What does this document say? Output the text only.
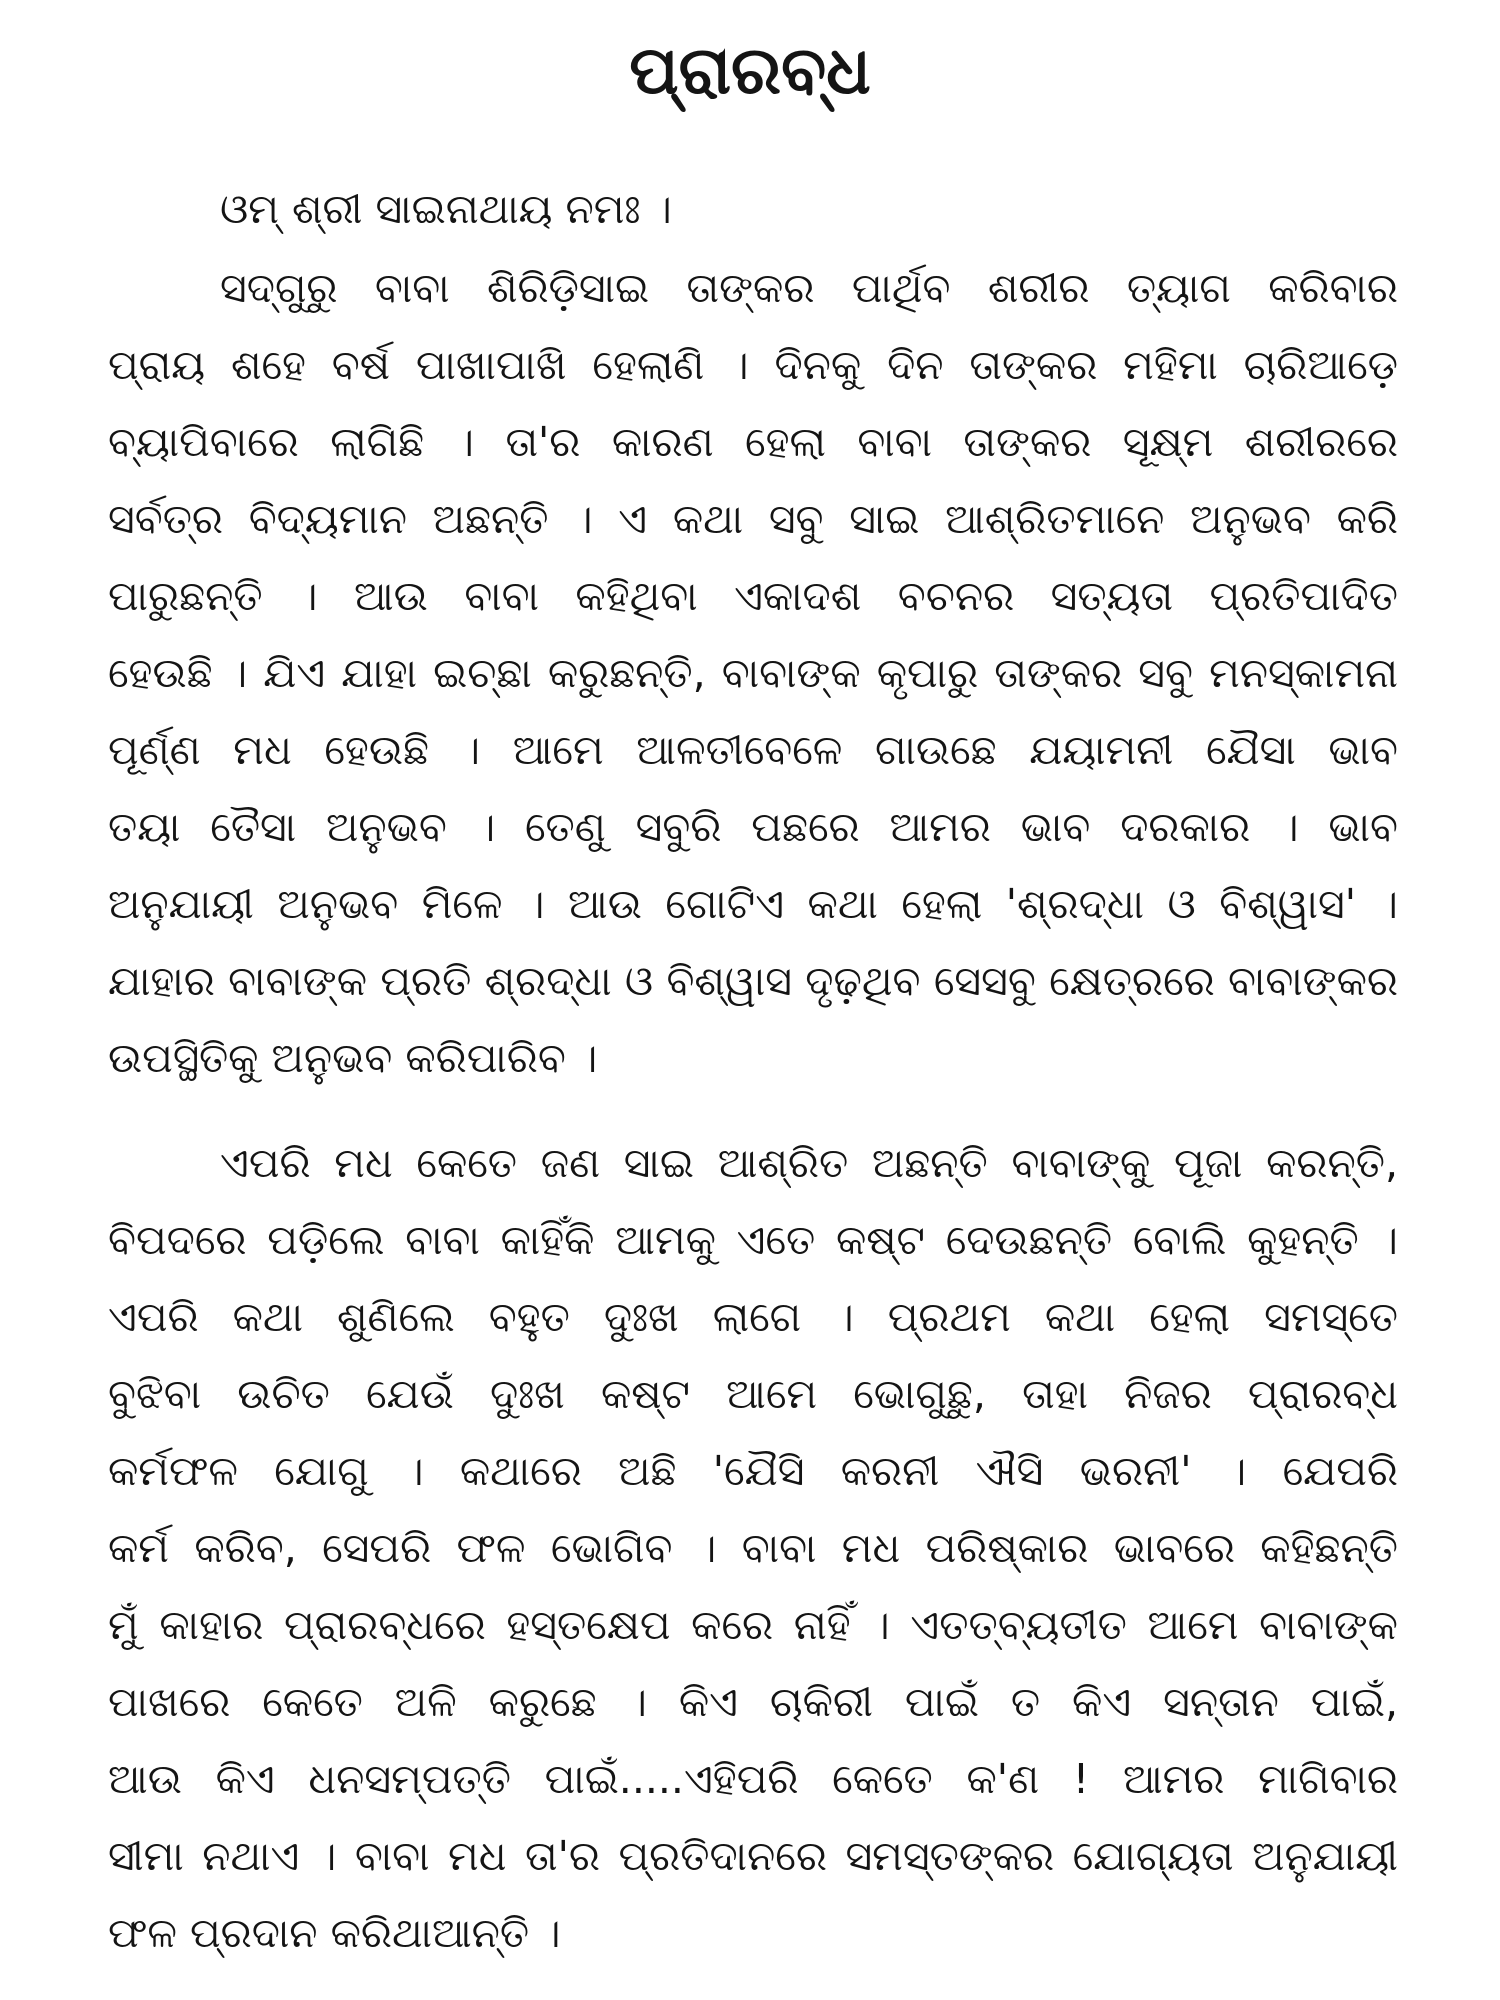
ପ୍ରାରବ୍ଧ
ଓମ୍ ଶ୍ରୀ ସାଇନାଥାୟ ନମଃ ।
ସଦ୍‌ଗୁରୁ ବାବା ଶିରିଡ଼ିସାଇ ତାଙ୍କର ପାର୍ଥିବ ଶରୀର ତ୍ୟାଗ କରିବାର
ପ୍ରାୟ ଶହେ ବର୍ଷ ପାଖାପାଖି ହେଲାଣି । ଦିନକୁ ଦିନ ତାଙ୍କର ମହିମା ଚାରିଆଡ଼େ
ବ୍ୟାପିବାରେ ଲାଗିଛି । ତା'ର କାରଣ ହେଲା ବାବା ତାଙ୍କର ସୂକ୍ଷ୍ମ ଶରୀରରେ
ସର୍ବତ୍ର ବିଦ୍ୟମାନ ଅଛନ୍ତି । ଏ କଥା ସବୁ ସାଇ ଆଶ୍ରିତମାନେ ଅନୁଭବ କରି
ପାରୁଛନ୍ତି । ଆଉ ବାବା କହିଥିବା ଏକାଦଶ ବଚନର ସତ୍ୟତା ପ୍ରତିପାଦିତ
ହେଉଛି । ଯିଏ ଯାହା ଇଚ୍ଛା କରୁଛନ୍ତି, ବାବାଙ୍କ କୃପାରୁ ତାଙ୍କର ସବୁ ମନସ୍କାମନା
ପୂର୍ଣ୍ଣ ମଧ ହେଉଛି । ଆମେ ଆଳତୀବେଳେ ଗାଉଛେ ଯୟାମନୀ ଯୈସା ଭାବ
ତୟା ତୈସା ଅନୁଭବ । ତେଣୁ ସବୁରି ପଛରେ ଆମର ଭାବ ଦରକାର । ଭାବ
ଅନୁଯାୟୀ ଅନୁଭବ ମିଳେ । ଆଉ ଗୋଟିଏ କଥା ହେଲା 'ଶ୍ରଦ୍ଧା ଓ ବିଶ୍ୱାସ' ।
ଯାହାର ବାବାଙ୍କ ପ୍ରତି ଶ୍ରଦ୍ଧା ଓ ବିଶ୍ୱାସ ଦୃଢ଼ଥିବ ସେସବୁ କ୍ଷେତ୍ରରେ ବାବାଙ୍କର
ଉପସ୍ଥିତିକୁ ଅନୁଭବ କରିପାରିବ ।
ଏପରି ମଧ କେତେ ଜଣ ସାଇ ଆଶ୍ରିତ ଅଛନ୍ତି ବାବାଙ୍କୁ ପୂଜା କରନ୍ତି,
ବିପଦରେ ପଡ଼ିଲେ ବାବା କାହିଁକି ଆମକୁ ଏତେ କଷ୍ଟ ଦେଉଛନ୍ତି ବୋଲି କୁହନ୍ତି ।
ଏପରି କଥା ଶୁଣିଲେ ବହୁତ ଦୁଃଖ ଲାଗେ । ପ୍ରଥମ କଥା ହେଲା ସମସ୍ତେ
ବୁଝିବା ଉଚିତ ଯେଉଁ ଦୁଃଖ କଷ୍ଟ ଆମେ ଭୋଗୁଛୁ, ତାହା ନିଜର ପ୍ରାରବ୍ଧ
କର୍ମଫଳ ଯୋଗୁ । କଥାରେ ଅଛି 'ଯୈସି କରନୀ ଐସି ଭରନୀ' । ଯେପରି
କର୍ମ କରିବ, ସେପରି ଫଳ ଭୋଗିବ । ବାବା ମଧ ପରିଷ୍କାର ଭାବରେ କହିଛନ୍ତି
ମୁଁ କାହାର ପ୍ରାରବ୍ଧରେ ହସ୍ତକ୍ଷେପ କରେ ନାହିଁ । ଏତତ୍‌ବ୍ୟତୀତ ଆମେ ବାବାଙ୍କ
ପାଖରେ କେତେ ଅଳି କରୁଛେ । କିଏ ଚାକିରୀ ପାଇଁ ତ କିଏ ସନ୍ତାନ ପାଇଁ,
ଆଉ କିଏ ଧନସମ୍ପତ୍ତି ପାଇଁ.....ଏହିପରି କେତେ କ'ଣ ! ଆମର ମାଗିବାର
ସୀମା ନଥାଏ । ବାବା ମଧ ତା'ର ପ୍ରତିଦାନରେ ସମସ୍ତଙ୍କର ଯୋଗ୍ୟତା ଅନୁଯାୟୀ
ଫଳ ପ୍ରଦାନ କରିଥାଆନ୍ତି ।
